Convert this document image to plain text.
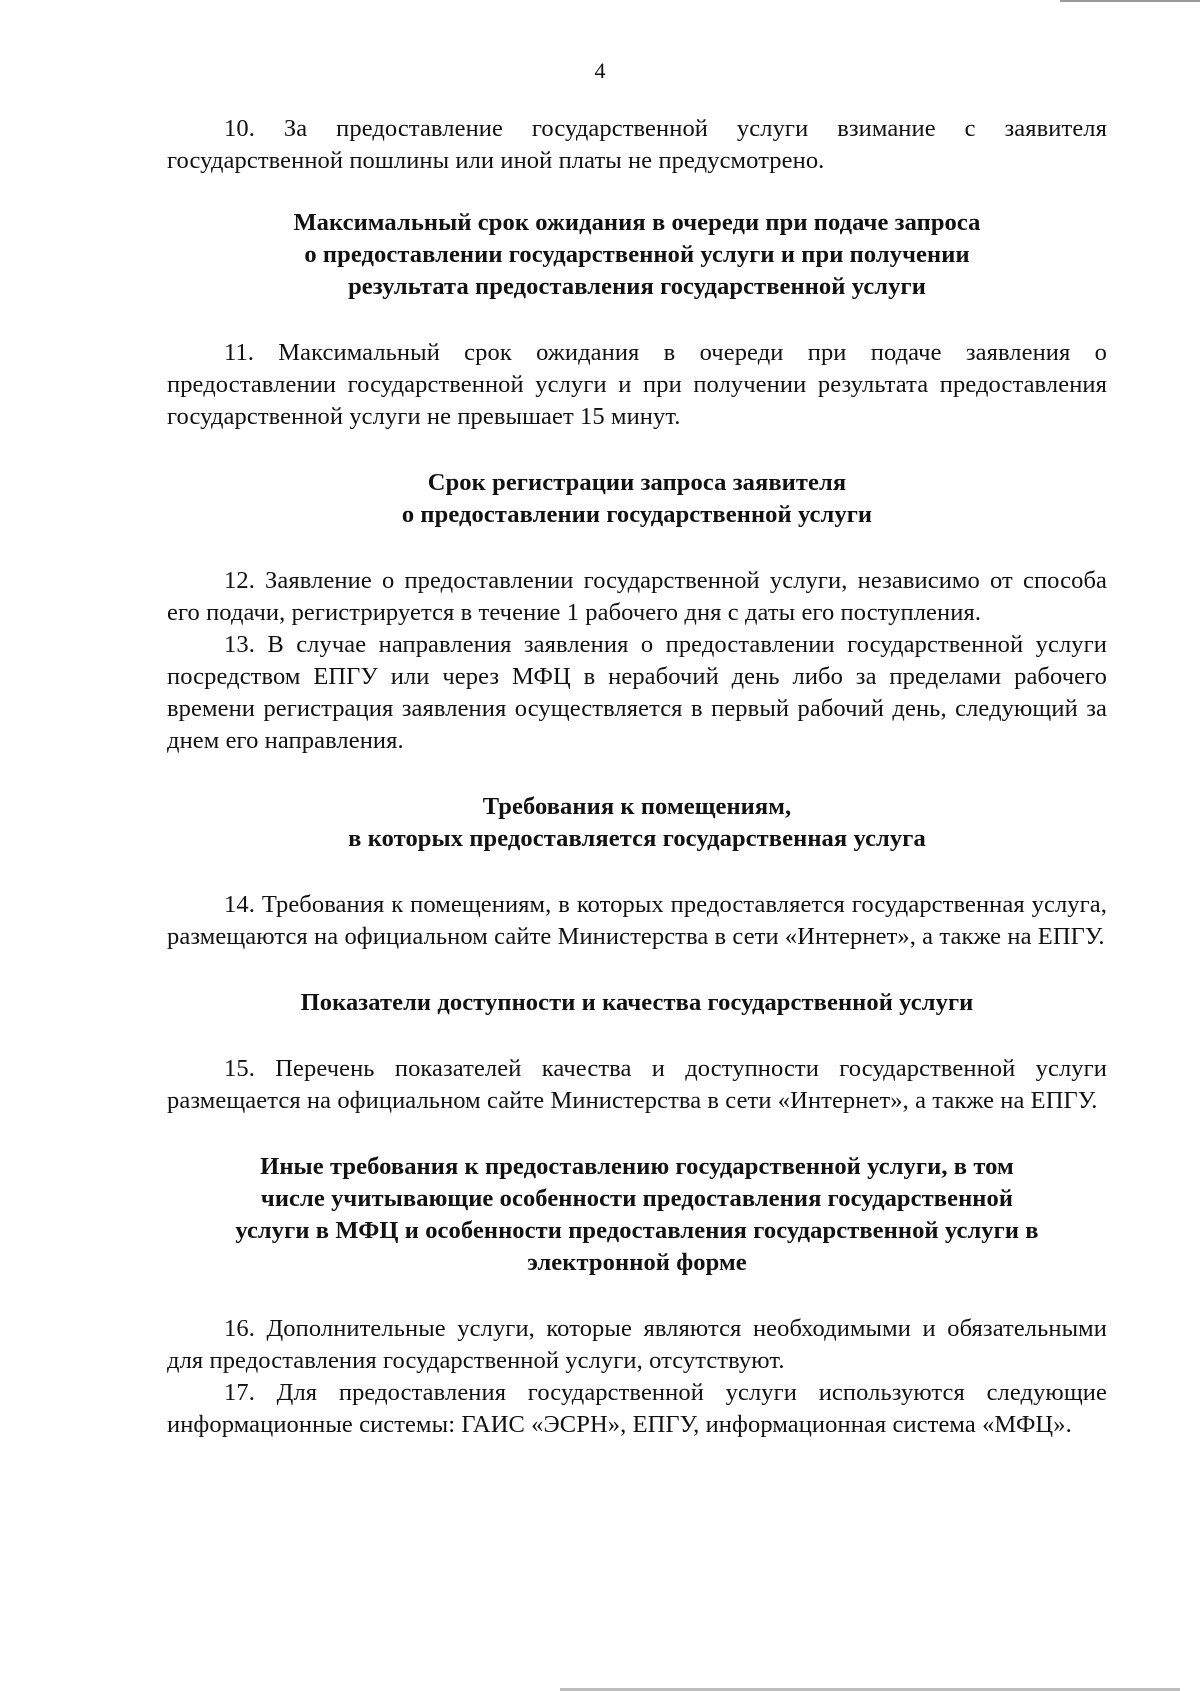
4

10. За предоставление государственной услуги взимание с заявителя государственной пошлины или иной платы не предусмотрено.

Максимальный срок ожидания в очереди при подаче запроса
о предоставлении государственной услуги и при получении
результата предоставления государственной услуги

11. Максимальный срок ожидания в очереди при подаче заявления о предоставлении государственной услуги и при получении результата предоставления государственной услуги не превышает 15 минут.

Срок регистрации запроса заявителя
о предоставлении государственной услуги

12. Заявление о предоставлении государственной услуги, независимо от способа его подачи, регистрируется в течение 1 рабочего дня с даты его поступления.

13. В случае направления заявления о предоставлении государственной услуги посредством ЕПГУ или через МФЦ в нерабочий день либо за пределами рабочего времени регистрация заявления осуществляется в первый рабочий день, следующий за днем его направления.

Требования к помещениям,
в которых предоставляется государственная услуга

14. Требования к помещениям, в которых предоставляется государственная услуга, размещаются на официальном сайте Министерства в сети «Интернет», а также на ЕПГУ.

Показатели доступности и качества государственной услуги

15. Перечень показателей качества и доступности государственной услуги размещается на официальном сайте Министерства в сети «Интернет», а также на ЕПГУ.

Иные требования к предоставлению государственной услуги, в том
числе учитывающие особенности предоставления государственной
услуги в МФЦ и особенности предоставления государственной услуги в
электронной форме

16. Дополнительные услуги, которые являются необходимыми и обязательными для предоставления государственной услуги, отсутствуют.

17. Для предоставления государственной услуги используются следующие информационные системы: ГАИС «ЭСРН», ЕПГУ, информационная система «МФЦ».
